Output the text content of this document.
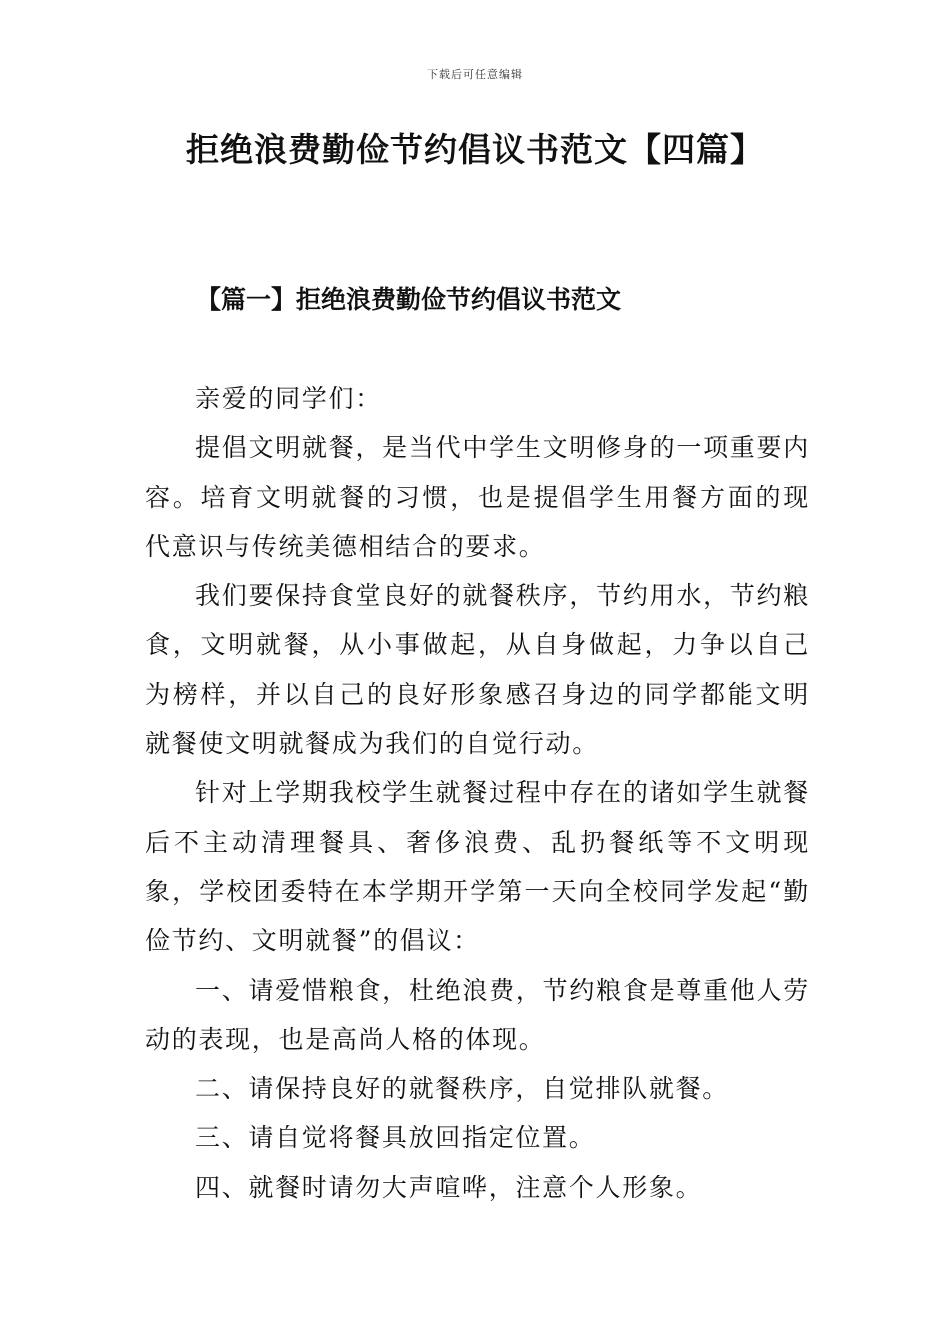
下载后可任意编辑
拒绝浪费勤俭节约倡议书范文【四篇】
【篇一】拒绝浪费勤俭节约倡议书范文

亲爱的同学们：

提倡文明就餐，是当代中学生文明修身的一项重要内容。培育文明就餐的习惯，也是提倡学生用餐方面的现代意识与传统美德相结合的要求。

我们要保持食堂良好的就餐秩序，节约用水，节约粮食，文明就餐，从小事做起，从自身做起，力争以自己为榜样，并以自己的良好形象感召身边的同学都能文明就餐使文明就餐成为我们的自觉行动。

针对上学期我校学生就餐过程中存在的诸如学生就餐后不主动清理餐具、奢侈浪费、乱扔餐纸等不文明现象，学校团委特在本学期开学第一天向全校同学发起“勤俭节约、文明就餐”的倡议：

一、请爱惜粮食，杜绝浪费，节约粮食是尊重他人劳动的表现，也是高尚人格的体现。

二、请保持良好的就餐秩序，自觉排队就餐。

三、请自觉将餐具放回指定位置。

四、就餐时请勿大声喧哗，注意个人形象。
